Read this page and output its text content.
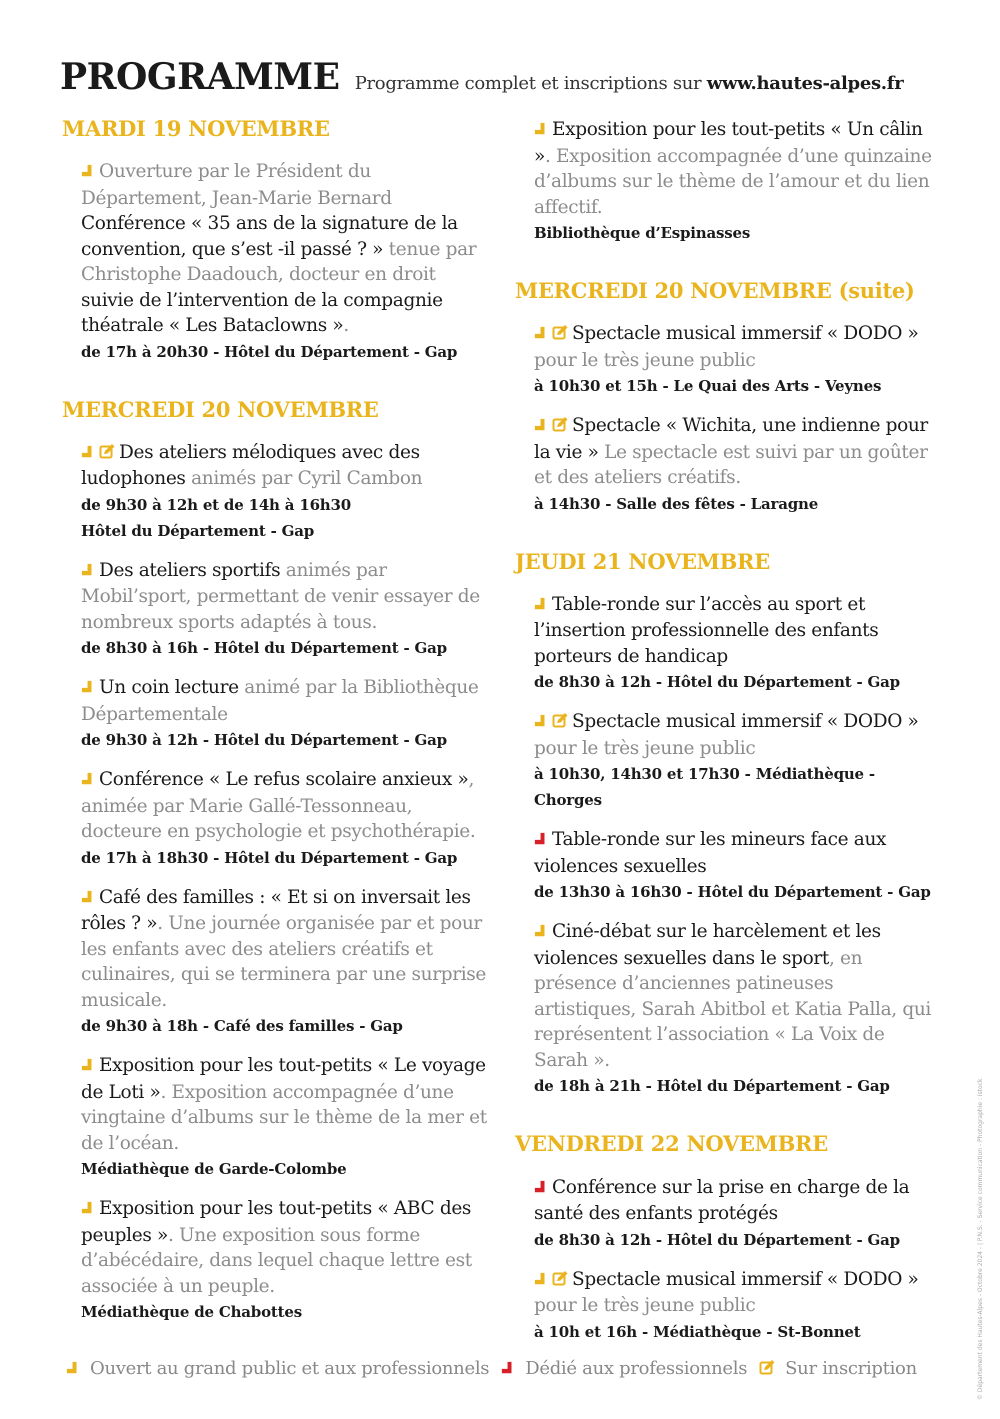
PROGRAMME Programme complet et inscriptions sur www.hautes-alpes.fr
MARDI 19 NOVEMBRE
Ouverture par le Président du Département, Jean-Marie Bernard Conférence « 35 ans de la signature de la convention, que s’est -il passé ? » tenue par Christophe Daadouch, docteur en droit suivie de l’intervention de la compagnie théatrale « Les Bataclowns ».
de 17h à 20h30 - Hôtel du Département - Gap
MERCREDI 20 NOVEMBRE
Des ateliers mélodiques avec des ludophones animés par Cyril Cambon
de 9h30 à 12h et de 14h à 16h30
Hôtel du Département - Gap
Des ateliers sportifs animés par Mobil’sport, permettant de venir essayer de nombreux sports adaptés à tous.
de 8h30 à 16h - Hôtel du Département - Gap
Un coin lecture animé par la Bibliothèque Départementale
de 9h30 à 12h - Hôtel du Département - Gap
Conférence « Le refus scolaire anxieux », animée par Marie Gallé-Tessonneau, docteure en psychologie et psychothérapie.
de 17h à 18h30 - Hôtel du Département - Gap
Café des familles : « Et si on inversait les rôles ? ». Une journée organisée par et pour les enfants avec des ateliers créatifs et culinaires, qui se terminera par une surprise musicale.
de 9h30 à 18h - Café des familles - Gap
Exposition pour les tout-petits « Le voyage de Loti ». Exposition accompagnée d’une vingtaine d’albums sur le thème de la mer et de l’océan.
Médiathèque de Garde-Colombe
Exposition pour les tout-petits « ABC des peuples ». Une exposition sous forme d’abécédaire, dans lequel chaque lettre est associée à un peuple.
Médiathèque de Chabottes
Exposition pour les tout-petits « Un câlin ». Exposition accompagnée d’une quinzaine d’albums sur le thème de l’amour et du lien affectif.
Bibliothèque d’Espinasses
MERCREDI 20 NOVEMBRE (suite)
Spectacle musical immersif « DODO » pour le très jeune public
à 10h30 et 15h - Le Quai des Arts - Veynes
Spectacle « Wichita, une indienne pour la vie » Le spectacle est suivi par un goûter et des ateliers créatifs.
à 14h30 - Salle des fêtes - Laragne
JEUDI 21 NOVEMBRE
Table-ronde sur l’accès au sport et l’insertion professionnelle des enfants porteurs de handicap
de 8h30 à 12h - Hôtel du Département - Gap
Spectacle musical immersif « DODO » pour le très jeune public
à 10h30, 14h30 et 17h30 - Médiathèque - Chorges
Table-ronde sur les mineurs face aux violences sexuelles
de 13h30 à 16h30 - Hôtel du Département - Gap
Ciné-débat sur le harcèlement et les violences sexuelles dans le sport, en présence d’anciennes patineuses artistiques, Sarah Abitbol et Katia Palla, qui représentent l’association « La Voix de Sarah ».
de 18h à 21h - Hôtel du Département - Gap
VENDREDI 22 NOVEMBRE
Conférence sur la prise en charge de la santé des enfants protégés
de 8h30 à 12h - Hôtel du Département - Gap
Spectacle musical immersif « DODO » pour le très jeune public
à 10h et 16h - Médiathèque - St-Bonnet
Ouvert au grand public et aux professionnels Dédié aux professionnels Sur inscription	© Département des Hautes-Alpes - Octobre 2024 - | P.N.S. - Service communication - Photographie : istock
